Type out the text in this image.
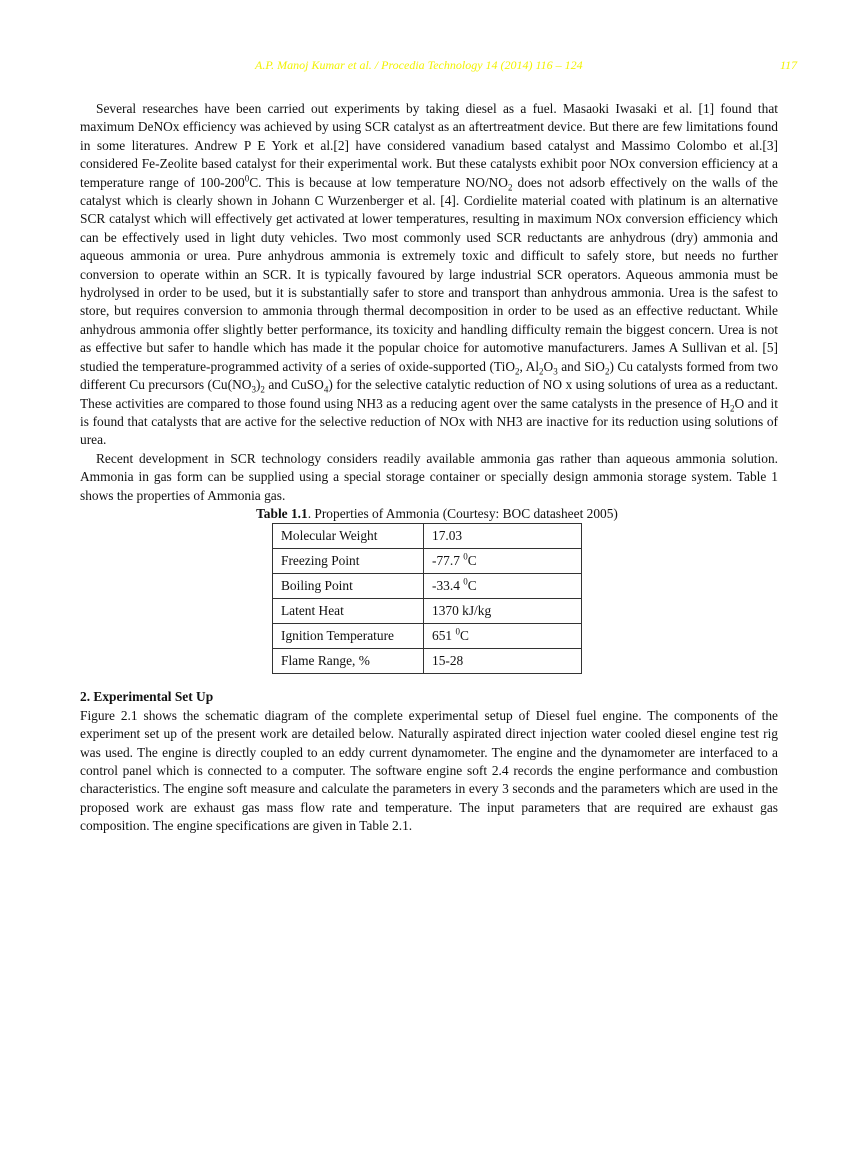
A.P. Manoj Kumar et al. / Procedia Technology 14 (2014) 116 – 124	117

Several researches have been carried out experiments by taking diesel as a fuel. Masaoki Iwasaki et al. [1] found that maximum DeNOx efficiency was achieved by using SCR catalyst as an aftertreatment device. But there are few limitations found in some literatures. Andrew P E York et al.[2] have considered vanadium based catalyst and Massimo Colombo et al.[3] considered Fe-Zeolite based catalyst for their experimental work. But these catalysts exhibit poor NOx conversion efficiency at a temperature range of $100-200^0C$. This is because at low temperature $NO/NO_2$ does not adsorb effectively on the walls of the catalyst which is clearly shown in Johann C Wurzenberger et al. [4]. Cordielite material coated with platinum is an alternative SCR catalyst which will effectively get activated at lower temperatures, resulting in maximum NOx conversion efficiency which can be effectively used in light duty vehicles. Two most commonly used SCR reductants are anhydrous (dry) ammonia and aqueous ammonia or urea. Pure anhydrous ammonia is extremely toxic and difficult to safely store, but needs no further conversion to operate within an SCR. It is typically favoured by large industrial SCR operators. Aqueous ammonia must be hydrolysed in order to be used, but it is substantially safer to store and transport than anhydrous ammonia. Urea is the safest to store, but requires conversion to ammonia through thermal decomposition in order to be used as an effective reductant. While anhydrous ammonia offer slightly better performance, its toxicity and handling difficulty remain the biggest concern. Urea is not as effective but safer to handle which has made it the popular choice for automotive manufacturers. James A Sullivan et al. [5] studied the temperature-programmed activity of a series of oxide-supported (TiO$_2$, $Al_2O_3$ and SiO$_2$) Cu catalysts formed from two different Cu precursors ($Cu(NO_3)_2$ and CuSO$_4$) for the selective catalytic reduction of NO x using solutions of urea as a reductant. These activities are compared to those found using NH3 as a reducing agent over the same catalysts in the presence of $H_2O$ and it is found that catalysts that are active for the selective reduction of NOx with NH3 are inactive for its reduction using solutions of urea.

Recent development in SCR technology considers readily available ammonia gas rather than aqueous ammonia solution. Ammonia in gas form can be supplied using a special storage container or specially design ammonia storage system. Table 1 shows the properties of Ammonia gas.

Table 1.1. Properties of Ammonia (Courtesy: BOC datasheet 2005)

Molecular Weight	17.03
Freezing Point	-77.7 $^0$C
Boiling Point	-33.4 $^0$C
Latent Heat	1370 kJ/kg
Ignition Temperature	651 $^0$C
Flame Range, %	15-28
2. Experimental Set Up

Figure 2.1 shows the schematic diagram of the complete experimental setup of Diesel fuel engine. The components of the experiment set up of the present work are detailed below. Naturally aspirated direct injection water cooled diesel engine test rig was used. The engine is directly coupled to an eddy current dynamometer. The engine and the dynamometer are interfaced to a control panel which is connected to a computer. The software engine soft 2.4 records the engine performance and combustion characteristics. The engine soft measure and calculate the parameters in every 3 seconds and the parameters which are used in the proposed work are exhaust gas mass flow rate and temperature. The input parameters that are required are exhaust gas composition. The engine specifications are given in Table 2.1.
